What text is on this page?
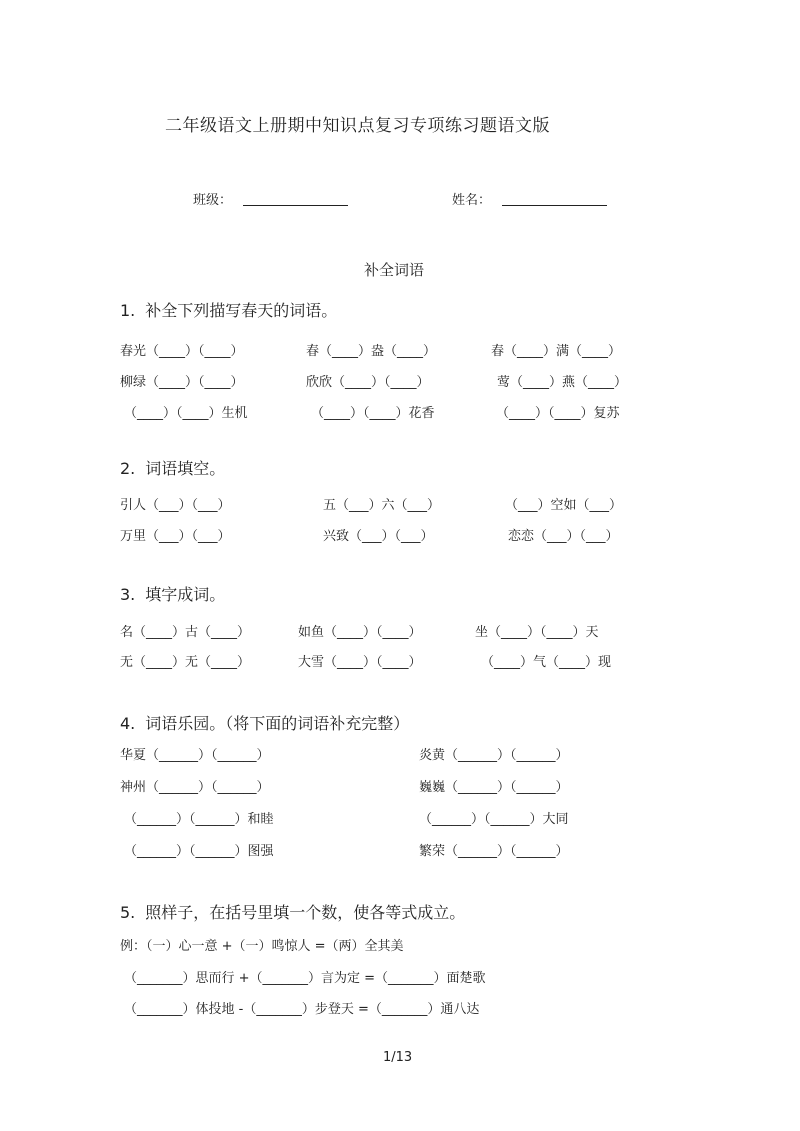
二年级语文上册期中知识点复习专项练习题语文版
班级：	姓名：
补全词语
1. 补全下列描写春天的词语。
春光（____）（____）	春（____）盎（____）	春（____）满（____）
柳绿（____）（____）	欣欣（____）（____）	莺（____）燕（____）
（____）（____）生机	（____）（____）花香	（____）（____）复苏
2. 词语填空。
引人（___）（___）	五（___）六（___）	（___）空如（___）
万里（___）（___）	兴致（___）（___）	恋恋（___）（___）
3. 填字成词。
名（____）古（____）	如鱼（____）（____）	坐（____）（____）天
无（____）无（____）	大雪（____）（____）	（____）气（____）现
4. 词语乐园。（将下面的词语补充完整）
华夏（______）（______）	炎黄（______）（______）
神州（______）（______）	巍巍（______）（______）
（______）（______）和睦	（______）（______）大同
（______）（______）图强	繁荣（______）（______）
5. 照样子，在括号里填一个数，使各等式成立。
例：（一）心一意 +（一）鸣惊人 =（两）全其美
（_______）思而行 +（_______）言为定 =（_______）面楚歌
（_______）体投地 -（_______）步登天 =（_______）通八达
1/13
